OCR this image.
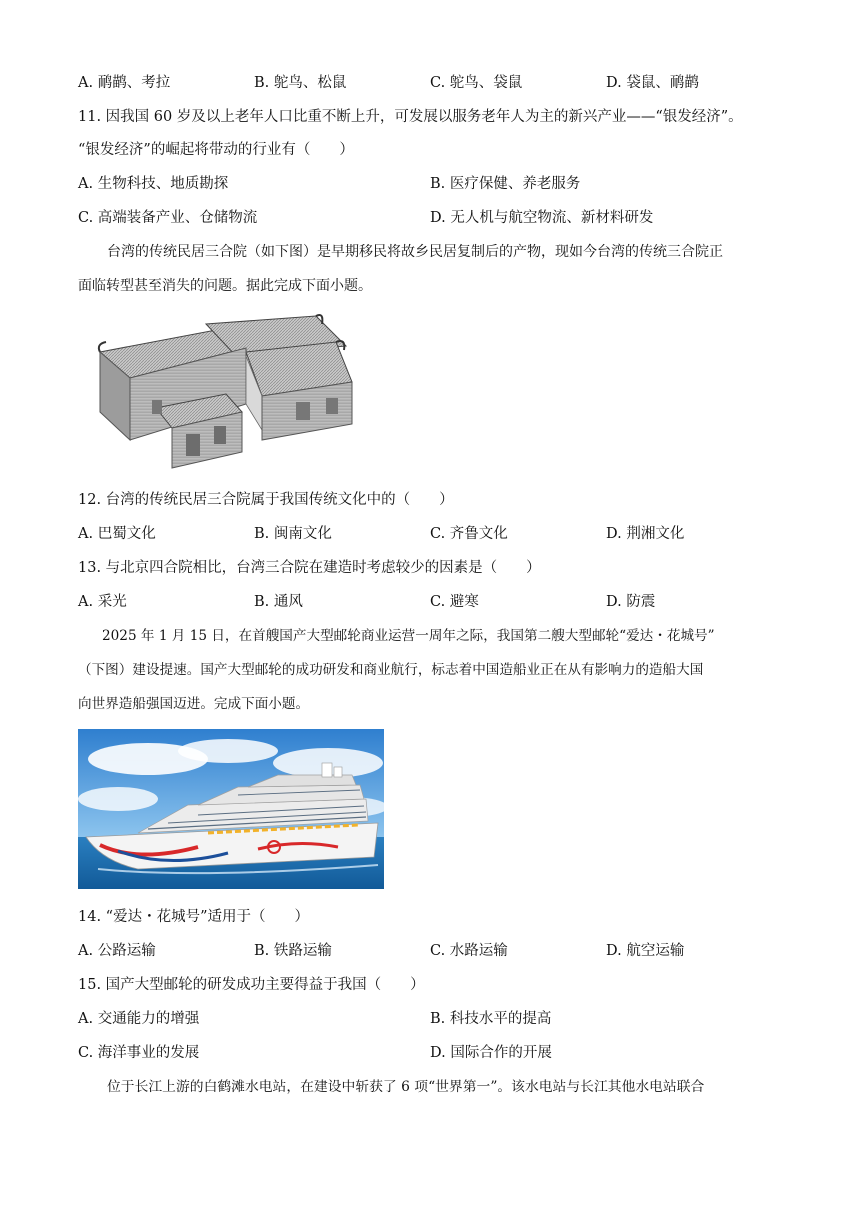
A. 鸸鹋、考拉	B. 鸵鸟、松鼠	C. 鸵鸟、袋鼠	D. 袋鼠、鸸鹋
11. 因我国 60 岁及以上老年人口比重不断上升，可发展以服务老年人为主的新兴产业——“银发经济”。
“银发经济”的崛起将带动的行业有（　　）
A. 生物科技、地质勘探	B. 医疗保健、养老服务
C. 高端装备产业、仓储物流	D. 无人机与航空物流、新材料研发
台湾的传统民居三合院（如下图）是早期移民将故乡民居复制后的产物，现如今台湾的传统三合院正
面临转型甚至消失的问题。据此完成下面小题。
12. 台湾的传统民居三合院属于我国传统文化中的（　　）
A. 巴蜀文化	B. 闽南文化	C. 齐鲁文化	D. 荆湘文化
13. 与北京四合院相比，台湾三合院在建造时考虑较少的因素是（　　）
A. 采光	B. 通风	C. 避寒	D. 防震
2025 年 1 月 15 日，在首艘国产大型邮轮商业运营一周年之际，我国第二艘大型邮轮“爱达・花城号”
（下图）建设提速。国产大型邮轮的成功研发和商业航行，标志着中国造船业正在从有影响力的造船大国
向世界造船强国迈进。完成下面小题。
14. “爱达・花城号”适用于（　　）
A. 公路运输	B. 铁路运输	C. 水路运输	D. 航空运输
15. 国产大型邮轮的研发成功主要得益于我国（　　）
A. 交通能力的增强	B. 科技水平的提高
C. 海洋事业的发展	D. 国际合作的开展
位于长江上游的白鹤滩水电站，在建设中斩获了 6 项“世界第一”。该水电站与长江其他水电站联合
